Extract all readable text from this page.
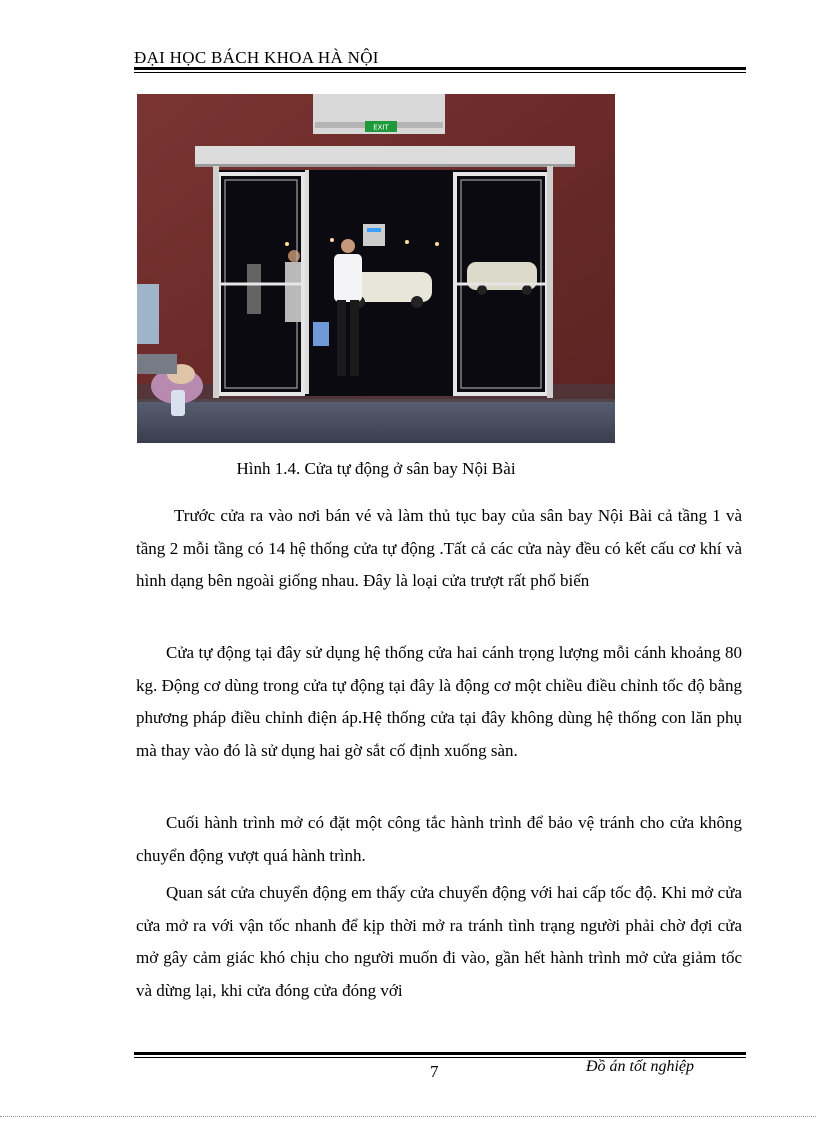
ĐẠI HỌC BÁCH KHOA HÀ NỘI
EXIT
Hình 1.4. Cửa tự động ở sân bay Nội Bài

Trước cửa ra vào nơi bán vé và làm thủ tục bay của sân bay Nội Bài cả tầng 1 và tầng 2 mỗi tầng có 14 hệ thống cửa tự động .Tất cả các cửa này đều có kết cấu cơ khí và hình dạng bên ngoài giống nhau. Đây là loại cửa trượt rất phổ biến

Cửa tự động tại đây sử dụng hệ thống cửa hai cánh trọng lượng mỗi cánh khoảng 80 kg. Động cơ dùng trong cửa tự động tại đây là động cơ một chiều điều chỉnh tốc độ bằng phương pháp điều chỉnh điện áp.Hệ thống cửa tại đây không dùng hệ thống con lăn phụ mà thay vào đó là sử dụng hai gờ sắt cố định xuống sàn.

Cuối hành trình mở có đặt một công tắc hành trình để bảo vệ tránh cho cửa không chuyển động vượt quá hành trình.

Quan sát cửa chuyển động em thấy cửa chuyển động với hai cấp tốc độ. Khi mở cửa cửa mở ra với vận tốc nhanh để kịp thời mở ra tránh tình trạng người phải chờ đợi cửa mở gây cảm giác khó chịu cho người muốn đi vào, gần hết hành trình mở cửa giảm tốc và dừng lại, khi cửa đóng cửa đóng với

7	Đồ án tốt nghiệp
